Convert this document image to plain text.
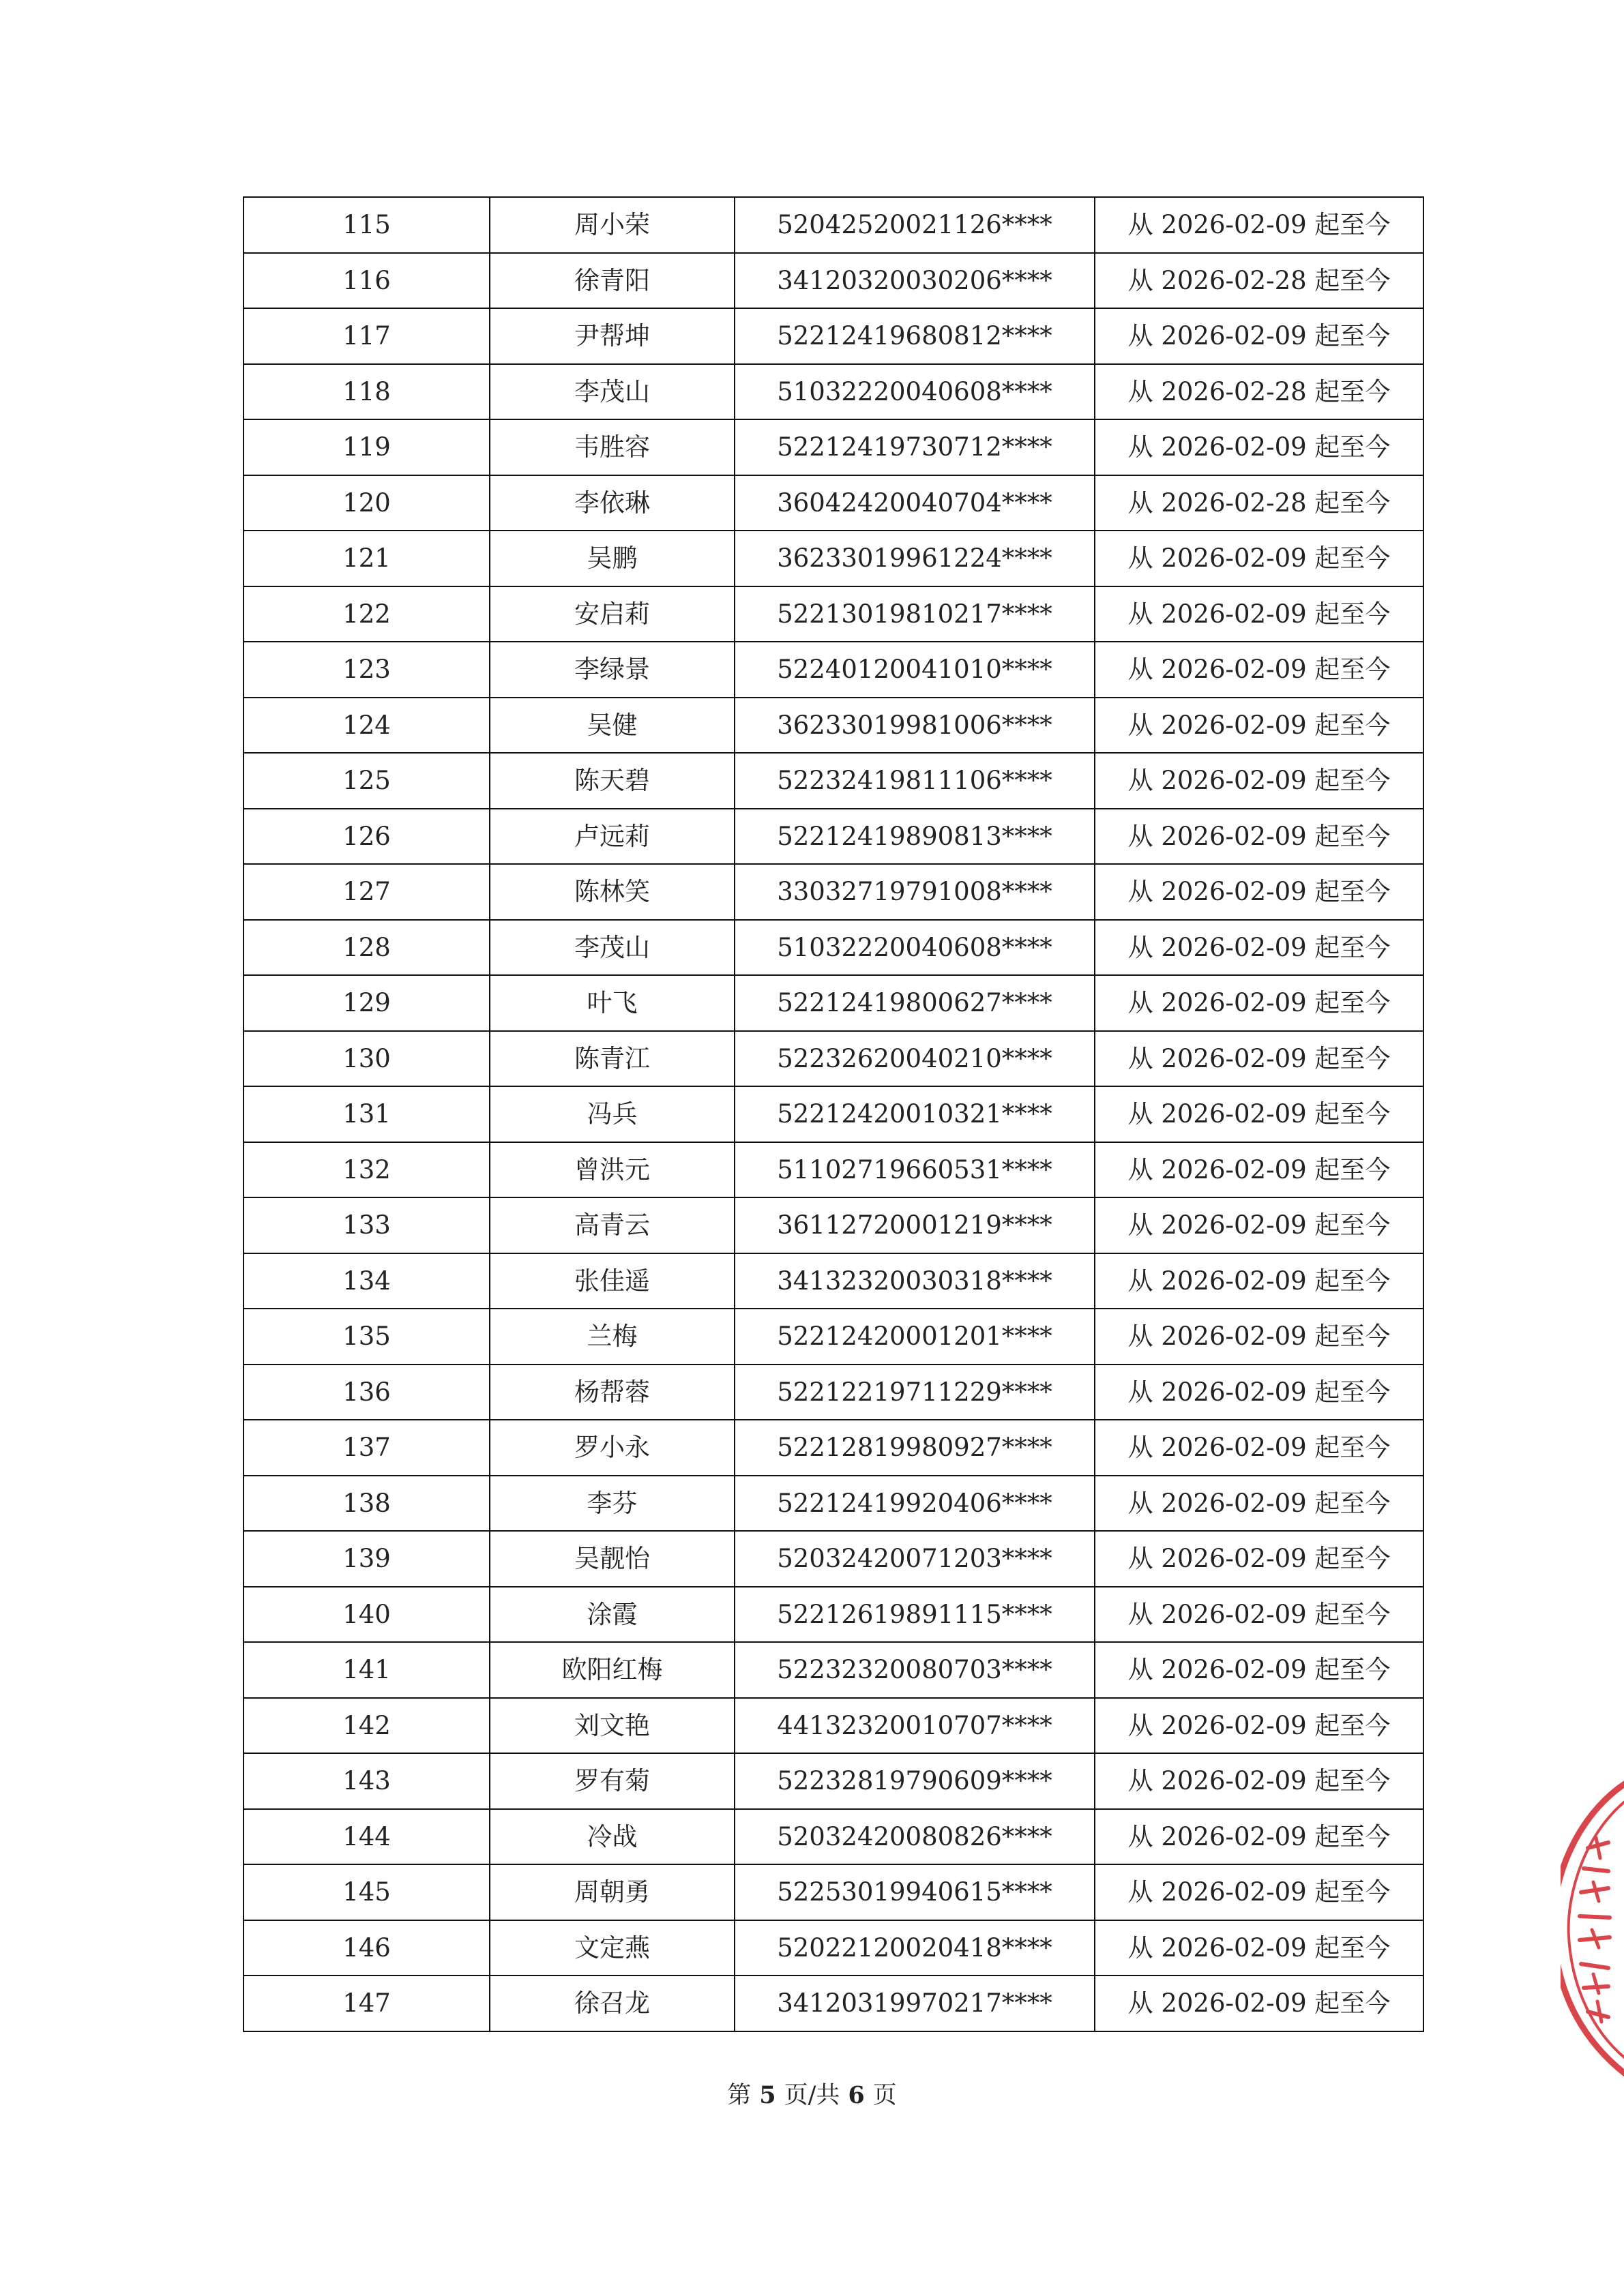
115	周小荣	52042520021126****	从 2026-02-09 起至今
116	徐青阳	34120320030206****	从 2026-02-28 起至今
117	尹帮坤	52212419680812****	从 2026-02-09 起至今
118	李茂山	51032220040608****	从 2026-02-28 起至今
119	韦胜容	52212419730712****	从 2026-02-09 起至今
120	李依琳	36042420040704****	从 2026-02-28 起至今
121	吴鹏	36233019961224****	从 2026-02-09 起至今
122	安启莉	52213019810217****	从 2026-02-09 起至今
123	李绿景	52240120041010****	从 2026-02-09 起至今
124	吴健	36233019981006****	从 2026-02-09 起至今
125	陈天碧	52232419811106****	从 2026-02-09 起至今
126	卢远莉	52212419890813****	从 2026-02-09 起至今
127	陈林笑	33032719791008****	从 2026-02-09 起至今
128	李茂山	51032220040608****	从 2026-02-09 起至今
129	叶飞	52212419800627****	从 2026-02-09 起至今
130	陈青江	52232620040210****	从 2026-02-09 起至今
131	冯兵	52212420010321****	从 2026-02-09 起至今
132	曾洪元	51102719660531****	从 2026-02-09 起至今
133	高青云	36112720001219****	从 2026-02-09 起至今
134	张佳遥	34132320030318****	从 2026-02-09 起至今
135	兰梅	52212420001201****	从 2026-02-09 起至今
136	杨帮蓉	52212219711229****	从 2026-02-09 起至今
137	罗小永	52212819980927****	从 2026-02-09 起至今
138	李芬	52212419920406****	从 2026-02-09 起至今
139	吴靓怡	52032420071203****	从 2026-02-09 起至今
140	涂霞	52212619891115****	从 2026-02-09 起至今
141	欧阳红梅	52232320080703****	从 2026-02-09 起至今
142	刘文艳	44132320010707****	从 2026-02-09 起至今
143	罗有菊	52232819790609****	从 2026-02-09 起至今
144	冷战	52032420080826****	从 2026-02-09 起至今
145	周朝勇	52253019940615****	从 2026-02-09 起至今
146	文定燕	52022120020418****	从 2026-02-09 起至今
147	徐召龙	34120319970217****	从 2026-02-09 起至今
第 5 页/共 6 页
